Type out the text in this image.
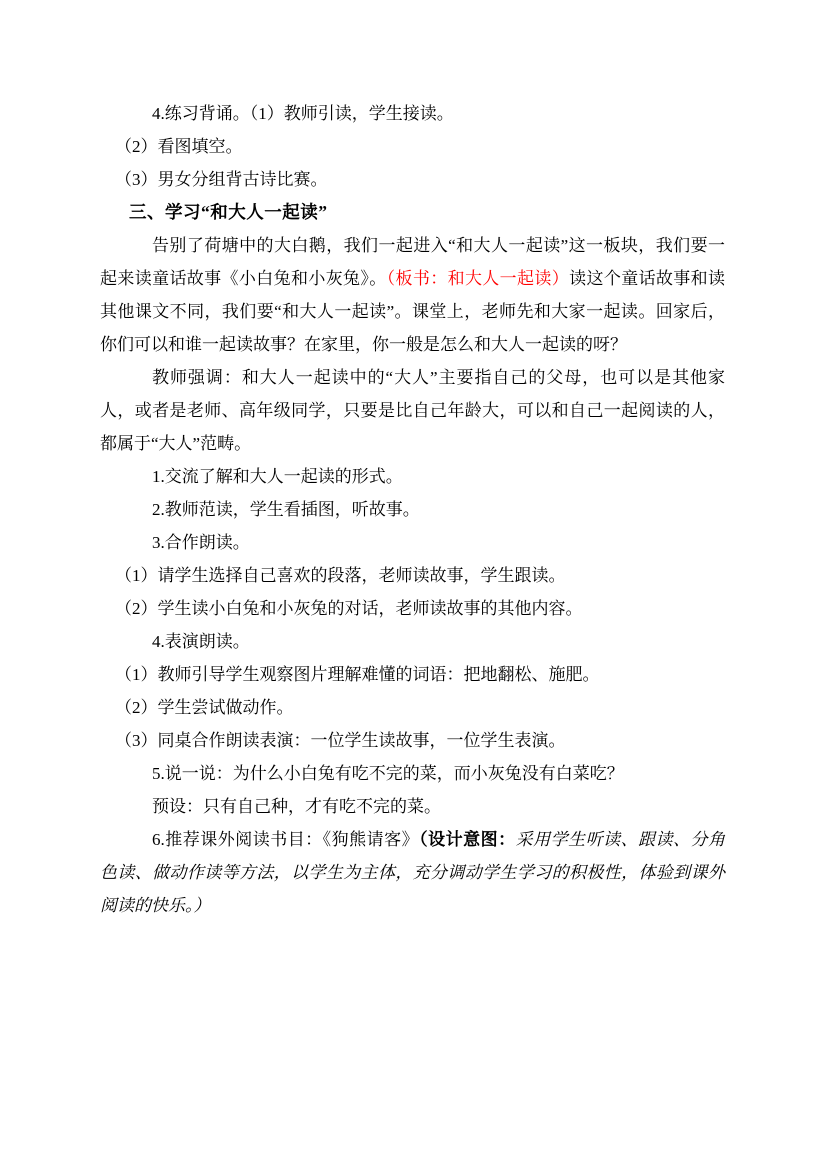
4.练习背诵。（1）教师引读，学生接读。

（2）看图填空。

（3）男女分组背古诗比赛。

三、学习“和大人一起读”

告别了荷塘中的大白鹅，我们一起进入“和大人一起读”这一板块，我们要一起来读童话故事《小白兔和小灰兔》。（板书：和大人一起读）读这个童话故事和读其他课文不同，我们要“和大人一起读”。课堂上，老师先和大家一起读。回家后，你们可以和谁一起读故事？在家里，你一般是怎么和大人一起读的呀？

教师强调：和大人一起读中的“大人”主要指自己的父母，也可以是其他家人，或者是老师、高年级同学，只要是比自己年龄大，可以和自己一起阅读的人，都属于“大人”范畴。

1.交流了解和大人一起读的形式。

2.教师范读，学生看插图，听故事。

3.合作朗读。

（1）请学生选择自己喜欢的段落，老师读故事，学生跟读。

（2）学生读小白兔和小灰兔的对话，老师读故事的其他内容。

4.表演朗读。

（1）教师引导学生观察图片理解难懂的词语：把地翻松、施肥。

（2）学生尝试做动作。

（3）同桌合作朗读表演：一位学生读故事，一位学生表演。

5.说一说：为什么小白兔有吃不完的菜，而小灰兔没有白菜吃？

预设：只有自己种，才有吃不完的菜。

6.推荐课外阅读书目：《狗熊请客》（设计意图：采用学生听读、跟读、分角色读、做动作读等方法，以学生为主体，充分调动学生学习的积极性，体验到课外阅读的快乐。）
